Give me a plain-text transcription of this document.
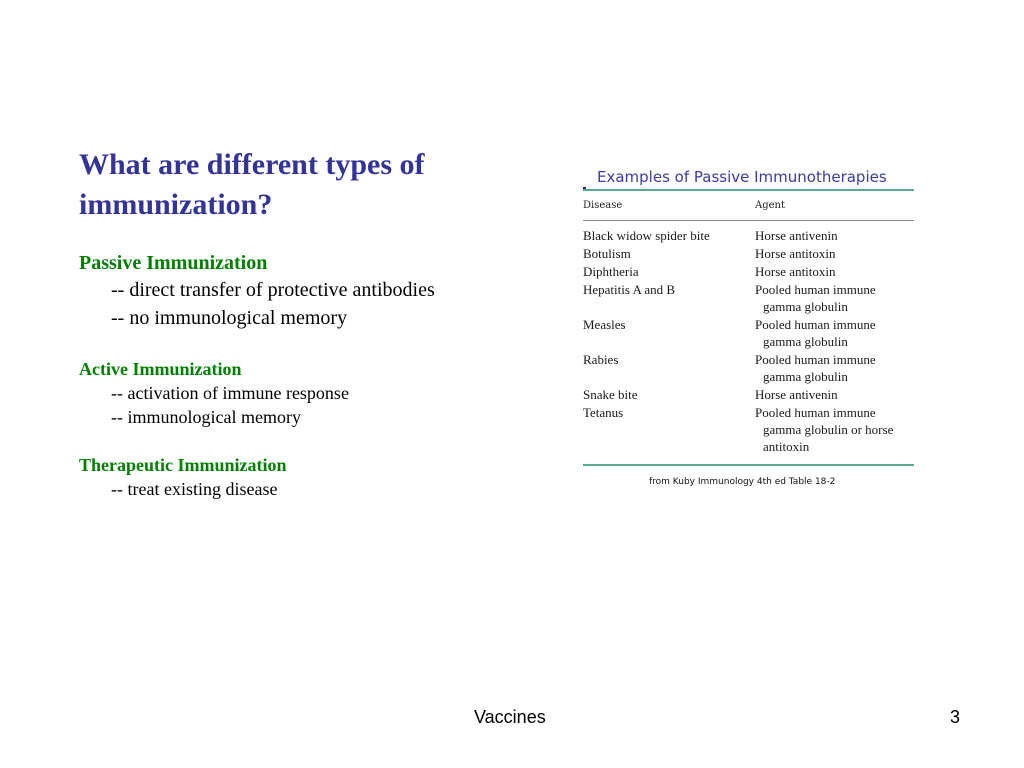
What are different types of immunization?

Passive Immunization

-- direct transfer of protective antibodies

-- no immunological memory

Active Immunization

-- activation of immune response

-- immunological memory

Therapeutic Immunization

-- treat existing disease

Examples of Passive Immunotherapies

Disease	Agent

Black widow spider bite	Horse antivenin

Botulism	Horse antitoxin

Diphtheria	Horse antitoxin

Hepatitis A and B	Pooled human immune
gamma globulin

Measles	Pooled human immune
gamma globulin

Rabies	Pooled human immune
gamma globulin

Snake bite	Horse antivenin

Tetanus	Pooled human immune
gamma globulin or horse
antitoxin

from Kuby Immunology 4th ed Table 18-2

Vaccines	3
